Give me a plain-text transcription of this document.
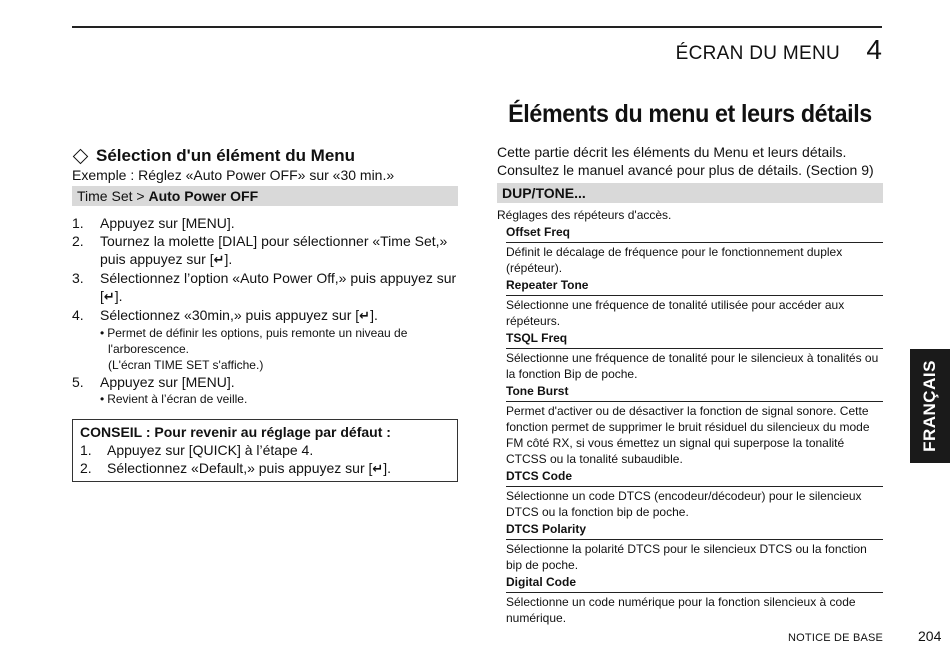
ÉCRAN DU MENU 4
Sélection d'un élément du Menu
Exemple : Réglez «Auto Power OFF» sur «30 min.»
Time Set > Auto Power OFF
1.	Appuyez sur [MENU].
2.	Tournez la molette [DIAL] pour sélectionner «Time Set,» puis appuyez sur [↵].
3.	Sélectionnez l’option «Auto Power Off,» puis appuyez sur [↵].
4.	Sélectionnez «30min,» puis appuyez sur [↵].
• Permet de définir les options, puis remonte un niveau de
l'arborescence.
(L'écran TIME SET s'affiche.)
5.	Appuyez sur [MENU].
• Revient à l’écran de veille.
CONSEIL : Pour revenir au réglage par défaut :
1.	Appuyez sur [QUICK] à l’étape 4.
2.	Sélectionnez «Default,» puis appuyez sur [↵].
Éléments du menu et leurs détails
Cette partie décrit les éléments du Menu et leurs détails.
Consultez le manuel avancé pour plus de détails. (Section 9)
DUP/TONE...
Réglages des répéteurs d'accès.
Offset Freq
Définit le décalage de fréquence pour le fonctionnement duplex (répéteur).
Repeater Tone
Sélectionne une fréquence de tonalité utilisée pour accéder aux répéteurs.
TSQL Freq
Sélectionne une fréquence de tonalité pour le silencieux à tonalités ou la fonction Bip de poche.
Tone Burst
Permet d'activer ou de désactiver la fonction de signal sonore. Cette fonction permet de supprimer le bruit résiduel du silencieux du mode FM côté RX, si vous émettez un signal qui superpose la tonalité CTCSS ou la tonalité subaudible.
DTCS Code
Sélectionne un code DTCS (encodeur/décodeur) pour le silencieux DTCS ou la fonction bip de poche.
DTCS Polarity
Sélectionne la polarité DTCS pour le silencieux DTCS ou la fonction bip de poche.
Digital Code
Sélectionne un code numérique pour la fonction silencieux à code numérique.
FRANÇAIS
NOTICE DE BASE 204
